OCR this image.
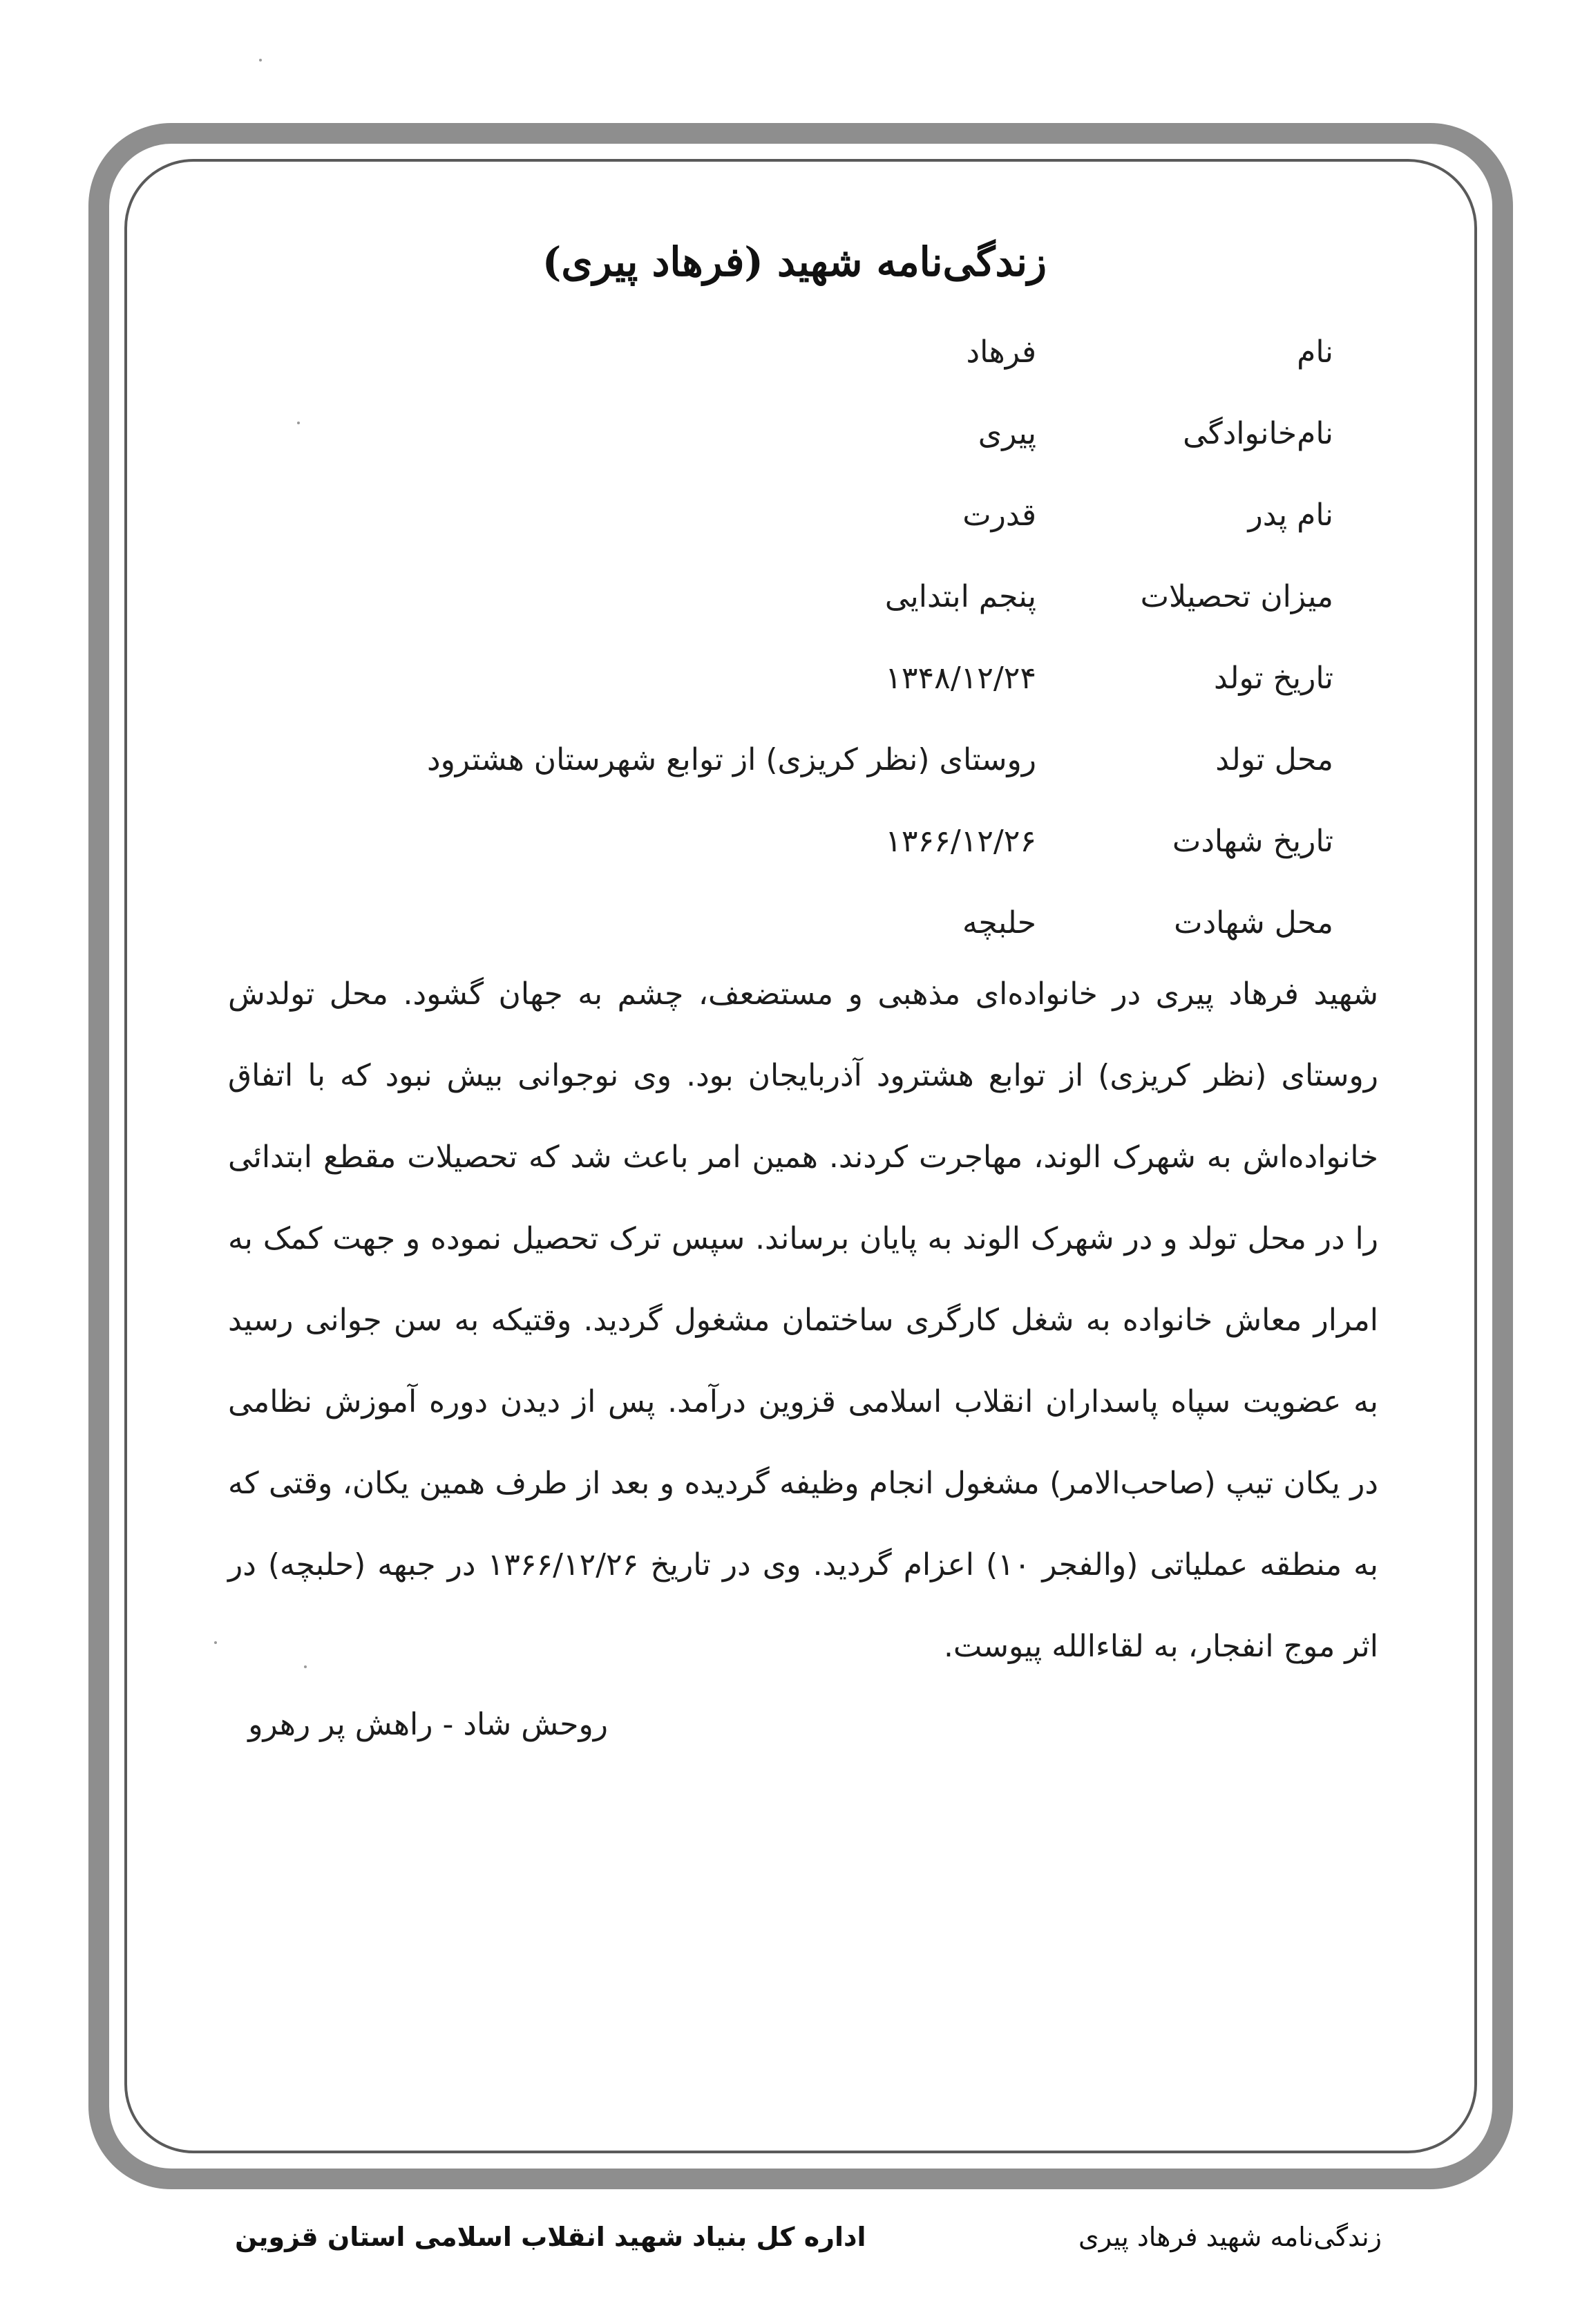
زندگی‌نامه شهید (فرهاد پیری)
نام
فرهاد
نام‌خانوادگی
پیری
نام پدر
قدرت
میزان تحصیلات
پنجم ابتدایی
تاریخ تولد
۱۳۴۸/۱۲/۲۴
محل تولد
روستای (نظر کریزی) از توابع شهرستان هشترود
تاریخ شهادت
۱۳۶۶/۱۲/۲۶
محل شهادت
حلبچه
شهید فرهاد پیری در خانواده‌ای مذهبی و مستضعف، چشم به جهان گشود. محل تولدش روستای (نظر کریزی) از توابع هشترود آذربایجان بود. وی نوجوانی بیش نبود که با اتفاق خانواده‌اش به شهرک الوند، مهاجرت کردند. همین امر باعث شد که تحصیلات مقطع ابتدائی را در محل تولد و در شهرک الوند به پایان برساند. سپس ترک تحصیل نموده و جهت کمک به امرار معاش خانواده به شغل کارگری ساختمان مشغول گردید. وقتیکه به سن جوانی رسید به عضویت سپاه پاسداران انقلاب اسلامی قزوین درآمد. پس از دیدن دوره آموزش نظامی در یکان تیپ (صاحب‌الامر) مشغول انجام وظیفه گردیده و بعد از طرف همین یکان، وقتی که به منطقه عملیاتی (والفجر ۱۰) اعزام گردید. وی در تاریخ ۱۳۶۶/۱۲/۲۶ در جبهه (حلبچه) در اثر موج انفجار، به لقاءالله پیوست.
روحش شاد - راهش پر رهرو
اداره کل بنیاد شهید انقلاب اسلامی استان قزوین	زندگی‌نامه شهید فرهاد پیری
